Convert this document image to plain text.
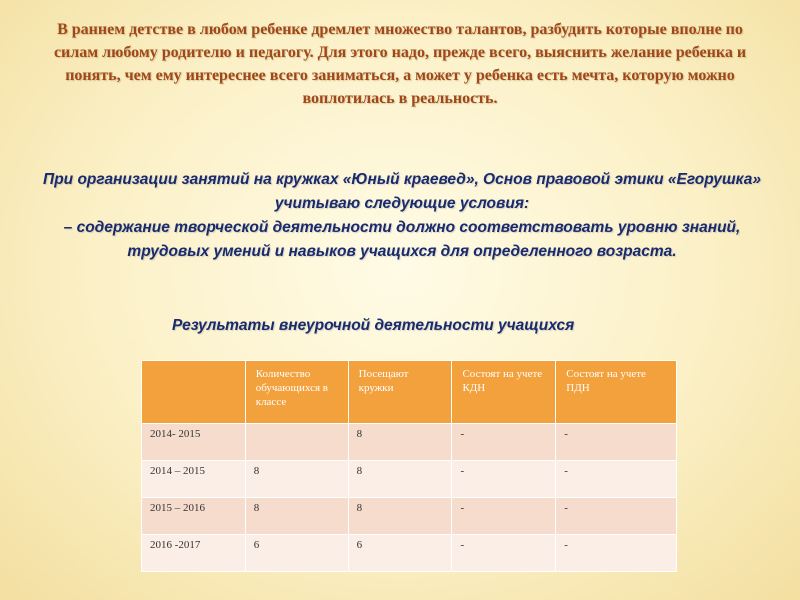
В раннем детстве в любом ребенке дремлет множество талантов, разбудить которые вполне по силам любому родителю и педагогу. Для этого надо, прежде всего, выяснить желание ребенка и понять, чем ему интереснее всего заниматься, а может у ребенка есть мечта, которую можно воплотилась в реальность.

При организации занятий на кружках «Юный краевед», Основ правовой этики «Егорушка» учитываю следующие условия:

– содержание творческой деятельности должно соответствовать уровню знаний, трудовых умений и навыков учащихся для определенного возраста.

Результаты внеурочной деятельности учащихся
	Количество обучающихся в классе	Посещают кружки	Состоят на учете КДН	Состоят на учете ПДН
2014- 2015		8	-	-
2014 – 2015	8	8	-	-
2015 – 2016	8	8	-	-
2016 -2017	6	6	-	-
